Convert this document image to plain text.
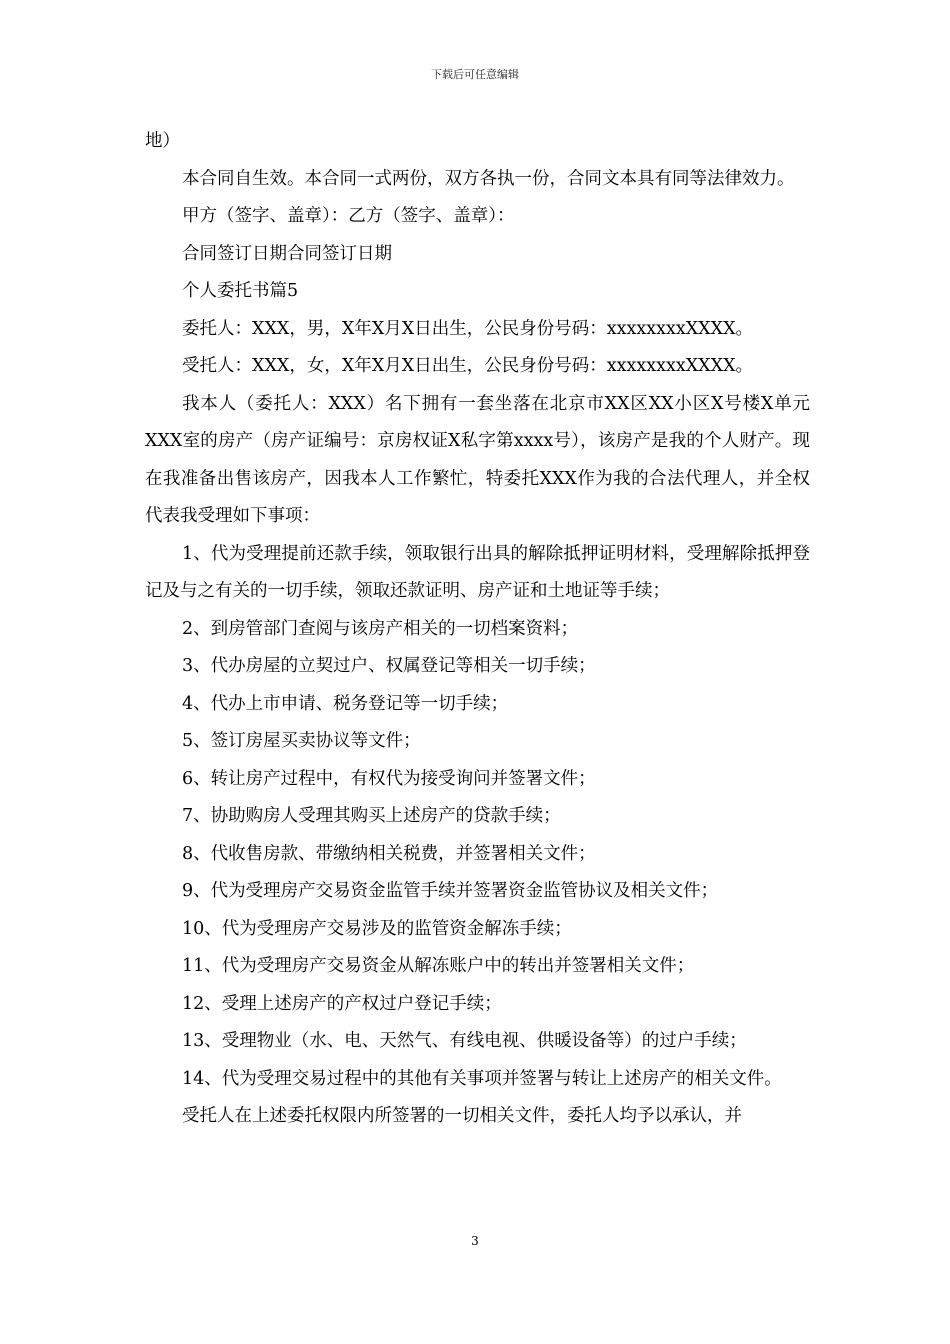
下载后可任意编辑

地）

本合同自生效。本合同一式两份，双方各执一份，合同文本具有同等法律效力。

甲方（签字、盖章）：乙方（签字、盖章）：

合同签订日期合同签订日期

个人委托书篇5

委托人：XXX，男，X年X月X日出生，公民身份号码：xxxxxxxxXXXX。

受托人：XXX，女，X年X月X日出生，公民身份号码：xxxxxxxxXXXX。

我本人（委托人：XXX）名下拥有一套坐落在北京市XX区XX小区X号楼X单元XXX室的房产（房产证编号：京房权证X私字第xxxx号），该房产是我的个人财产。现在我准备出售该房产，因我本人工作繁忙，特委托XXX作为我的合法代理人，并全权代表我受理如下事项：

1、代为受理提前还款手续，领取银行出具的解除抵押证明材料，受理解除抵押登记及与之有关的一切手续，领取还款证明、房产证和土地证等手续；

2、到房管部门查阅与该房产相关的一切档案资料；

3、代办房屋的立契过户、权属登记等相关一切手续；

4、代办上市申请、税务登记等一切手续；

5、签订房屋买卖协议等文件；

6、转让房产过程中，有权代为接受询问并签署文件；

7、协助购房人受理其购买上述房产的贷款手续；

8、代收售房款、带缴纳相关税费，并签署相关文件；

9、代为受理房产交易资金监管手续并签署资金监管协议及相关文件；

10、代为受理房产交易涉及的监管资金解冻手续；

11、代为受理房产交易资金从解冻账户中的转出并签署相关文件；

12、受理上述房产的产权过户登记手续；

13、受理物业（水、电、天然气、有线电视、供暖设备等）的过户手续；

14、代为受理交易过程中的其他有关事项并签署与转让上述房产的相关文件。

受托人在上述委托权限内所签署的一切相关文件，委托人均予以承认，并

3
